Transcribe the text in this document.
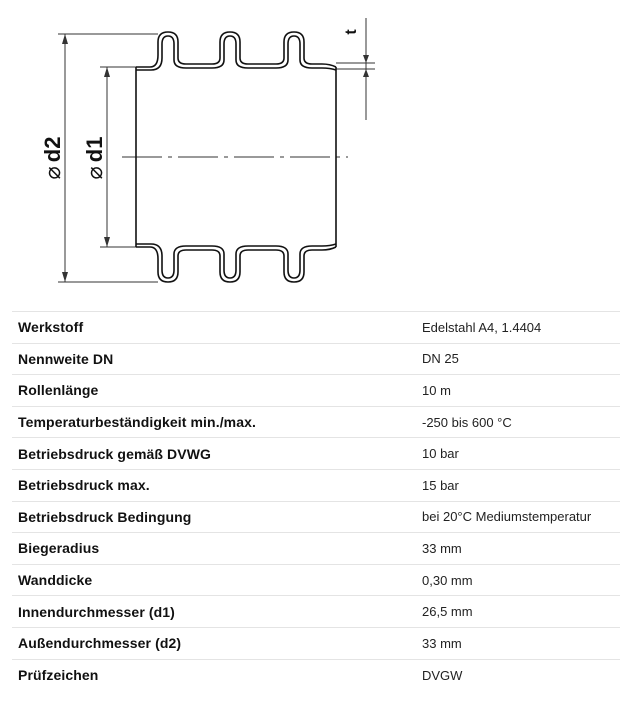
⌀d2
⌀d1
t
Werkstoff	Edelstahl A4, 1.4404
Nennweite DN	DN 25
Rollenlänge	10 m
Temperaturbeständigkeit min./max.	-250 bis 600 °C
Betriebsdruck gemäß DVWG	10 bar
Betriebsdruck max.	15 bar
Betriebsdruck Bedingung	bei 20°C Mediumstemperatur
Biegeradius	33 mm
Wanddicke	0,30 mm
Innendurchmesser (d1)	26,5 mm
Außendurchmesser (d2)	33 mm
Prüfzeichen	DVGW
